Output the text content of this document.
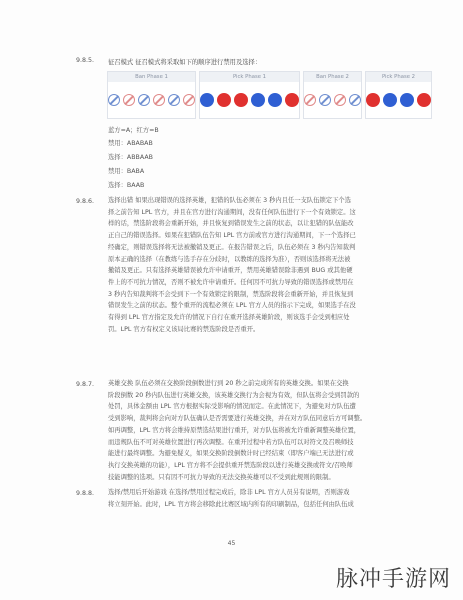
9.8.5. 征召模式 征召模式将采取如下的顺序进行禁用及选择：
Ban Phase 1	Pick Phase 1	Ban Phase 2	Pick Phase 2
蓝方=A；红方=B
禁用：ABABAB
选择：ABBAAB
禁用：BABA
选择：BAAB
9.8.6. 选择出错 如果出现错误的选择英雄，犯错的队伍必须在 3 秒内且任一支队伍锁定下个选
择之前告知 LPL 官方，并且在官方进行沟通期间，没有任何队伍进行下一个有效锁定。这
样的话，禁选阶段将会重新开始，并且恢复到错误发生之前的状态，以让犯错的队伍能改
正自己的错误选择。如果在犯错队伍告知 LPL 官方前或官方进行沟通期间，下一个选择已
经确定，则错误选择将无法被撤销及更正。在报告错误之后，队伍必须在 3 秒内告知裁判
原本正确的选择（在教练与选手存在分歧时，以教练的选择为准），否则该选择将无法被
撤销及更正。只有选择英雄错误被允许申请重开，禁用英雄错误除非遇到 BUG 或其他硬
件上的不可抗力情况，否则不被允许申请重开。任何因不可抗力导致的错误选择或禁用在
3 秒内告知裁判将不会受到下一个有效锁定的限制，禁选阶段将会重新开始，并且恢复到
错误发生之前的状态。整个重开的流程必须在 LPL 官方人员的指示下完成，如果选手在没
有得到 LPL 官方指定及允许的情况下自行在重开选择英雄阶段，则该选手会受到相应处
罚。LPL 官方有权定义该局比赛的禁选阶段是否重开。
9.8.7. 英雄交换 队伍必须在交换阶段倒数进行到 20 秒之前完成所有的英雄交换。如果在交换
阶段倒数 20 秒内队伍进行英雄交换，该英雄交换行为会视为有效，但队伍将会受到罚款的
处罚，具体金额由 LPL 官方根据实际受影响的情况而定。在此情况下，为避免对方队伍遭
受到影响，裁判将会向对方队伍确认是否需要进行英雄交换，并在对方队伍同意后方可调整。
如再调整，LPL 官方将会维持原禁选结果进行重开，对方队伍将被允许重新调整英雄位置，
而违规队伍不可对英雄位置进行再次调整。在重开过程中若方队伍可以对符文及召唤师技
能进行最终调整。为避免疑义，如果交换阶段倒数计时已经结束（即客户端已无法进行或
执行交换英雄的功能），LPL 官方将不会提供重开禁选阶段以进行英雄交换或符文/召唤师
技能调整的选项。只有因不可抗力导致的无法交换英雄可以不受到此规则的限制。
9.8.8. 选择/禁用后开始游戏 在选择/禁用过程完成后，除非 LPL 官方人员另有说明，否则游戏
将立刻开始。此时，LPL 官方将会移除此比赛区域内所有的印刷制品，包括任何由队伍成
45
脉冲手游网
